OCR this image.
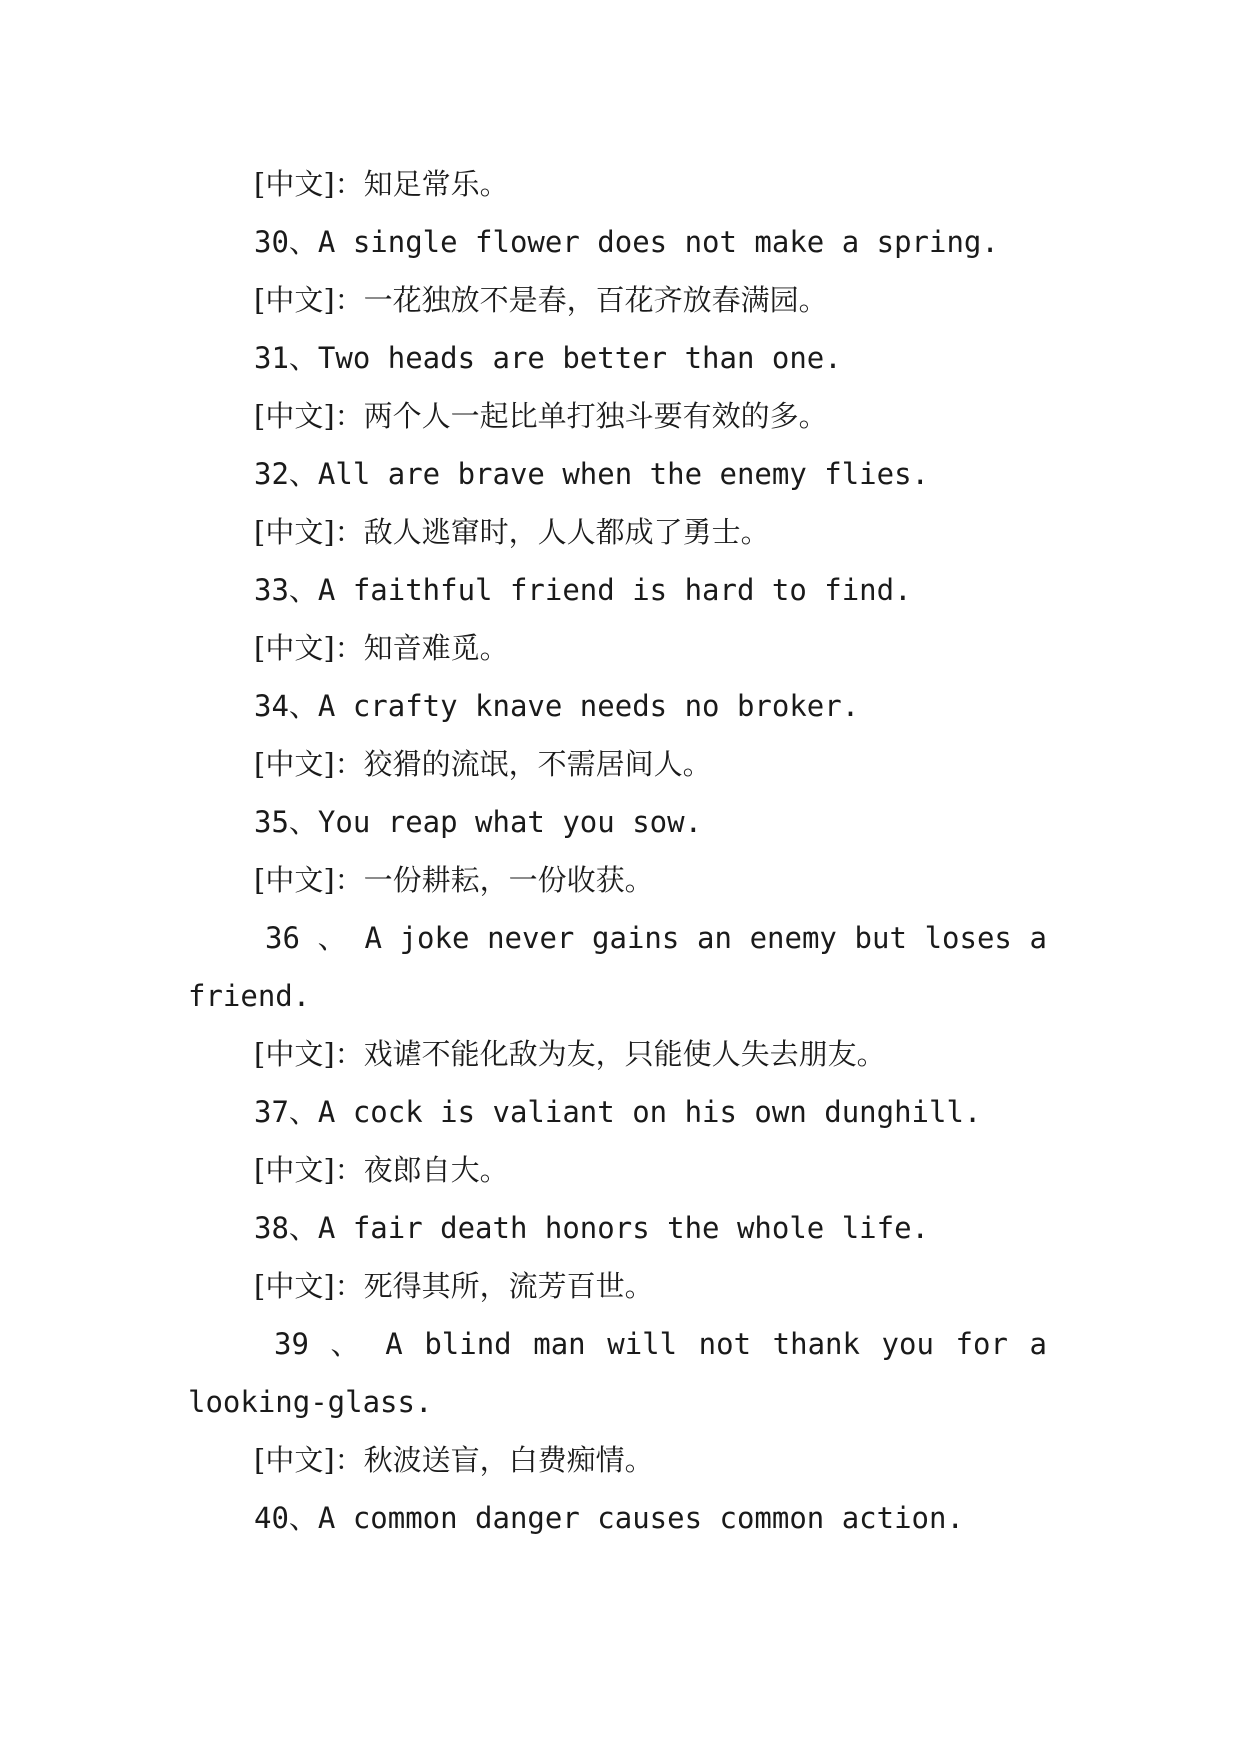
[中文]：知足常乐。
30、A single flower does not make a spring.
[中文]：一花独放不是春，百花齐放春满园。
31、Two heads are better than one.
[中文]：两个人一起比单打独斗要有效的多。
32、All are brave when the enemy flies.
[中文]：敌人逃窜时，人人都成了勇士。
33、A faithful friend is hard to find.
[中文]：知音难觅。
34、A crafty knave needs no broker.
[中文]：狡猾的流氓，不需居间人。
35、You reap what you sow.
[中文]：一份耕耘，一份收获。
36 、 A joke never gains an enemy but loses a
friend.
[中文]：戏谑不能化敌为友，只能使人失去朋友。
37、A cock is valiant on his own dunghill.
[中文]：夜郎自大。
38、A fair death honors the whole life.
[中文]：死得其所，流芳百世。
39 、 A blind man will not thank you for a
looking-glass.
[中文]：秋波送盲，白费痴情。
40、A common danger causes common action.
